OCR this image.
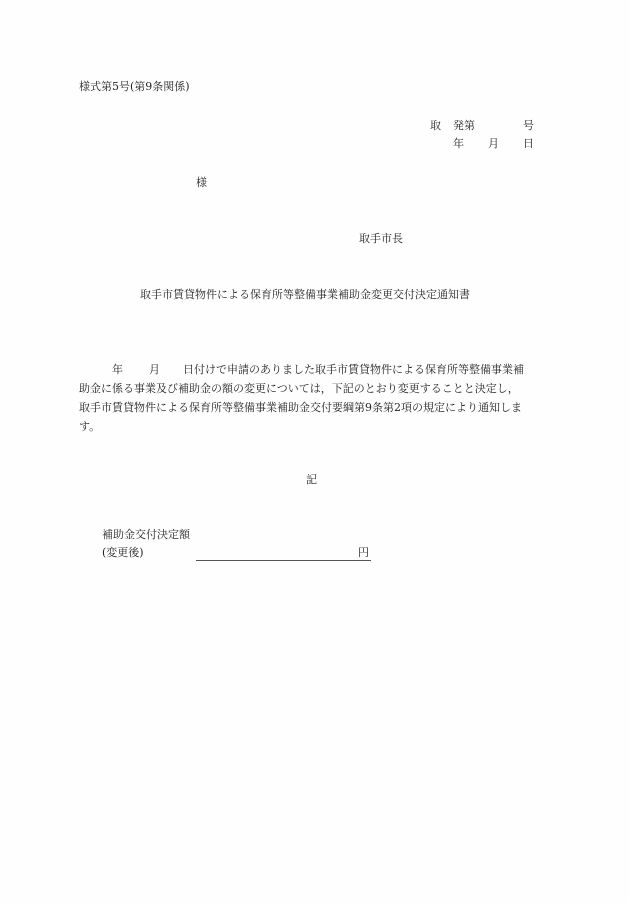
様式第5号(第9条関係)
取 発第	号
年 月 日
様
取手市長
取手市賃貸物件による保育所等整備事業補助金変更交付決定通知書
年 月 日付けで申請のありました取手市賃貸物件による保育所等整備事業補
助金に係る事業及び補助金の額の変更については，下記のとおり変更することと決定し，
取手市賃貸物件による保育所等整備事業補助金交付要綱第9条第2項の規定により通知しま
す。
記
補助金交付決定額
(変更後)	円
